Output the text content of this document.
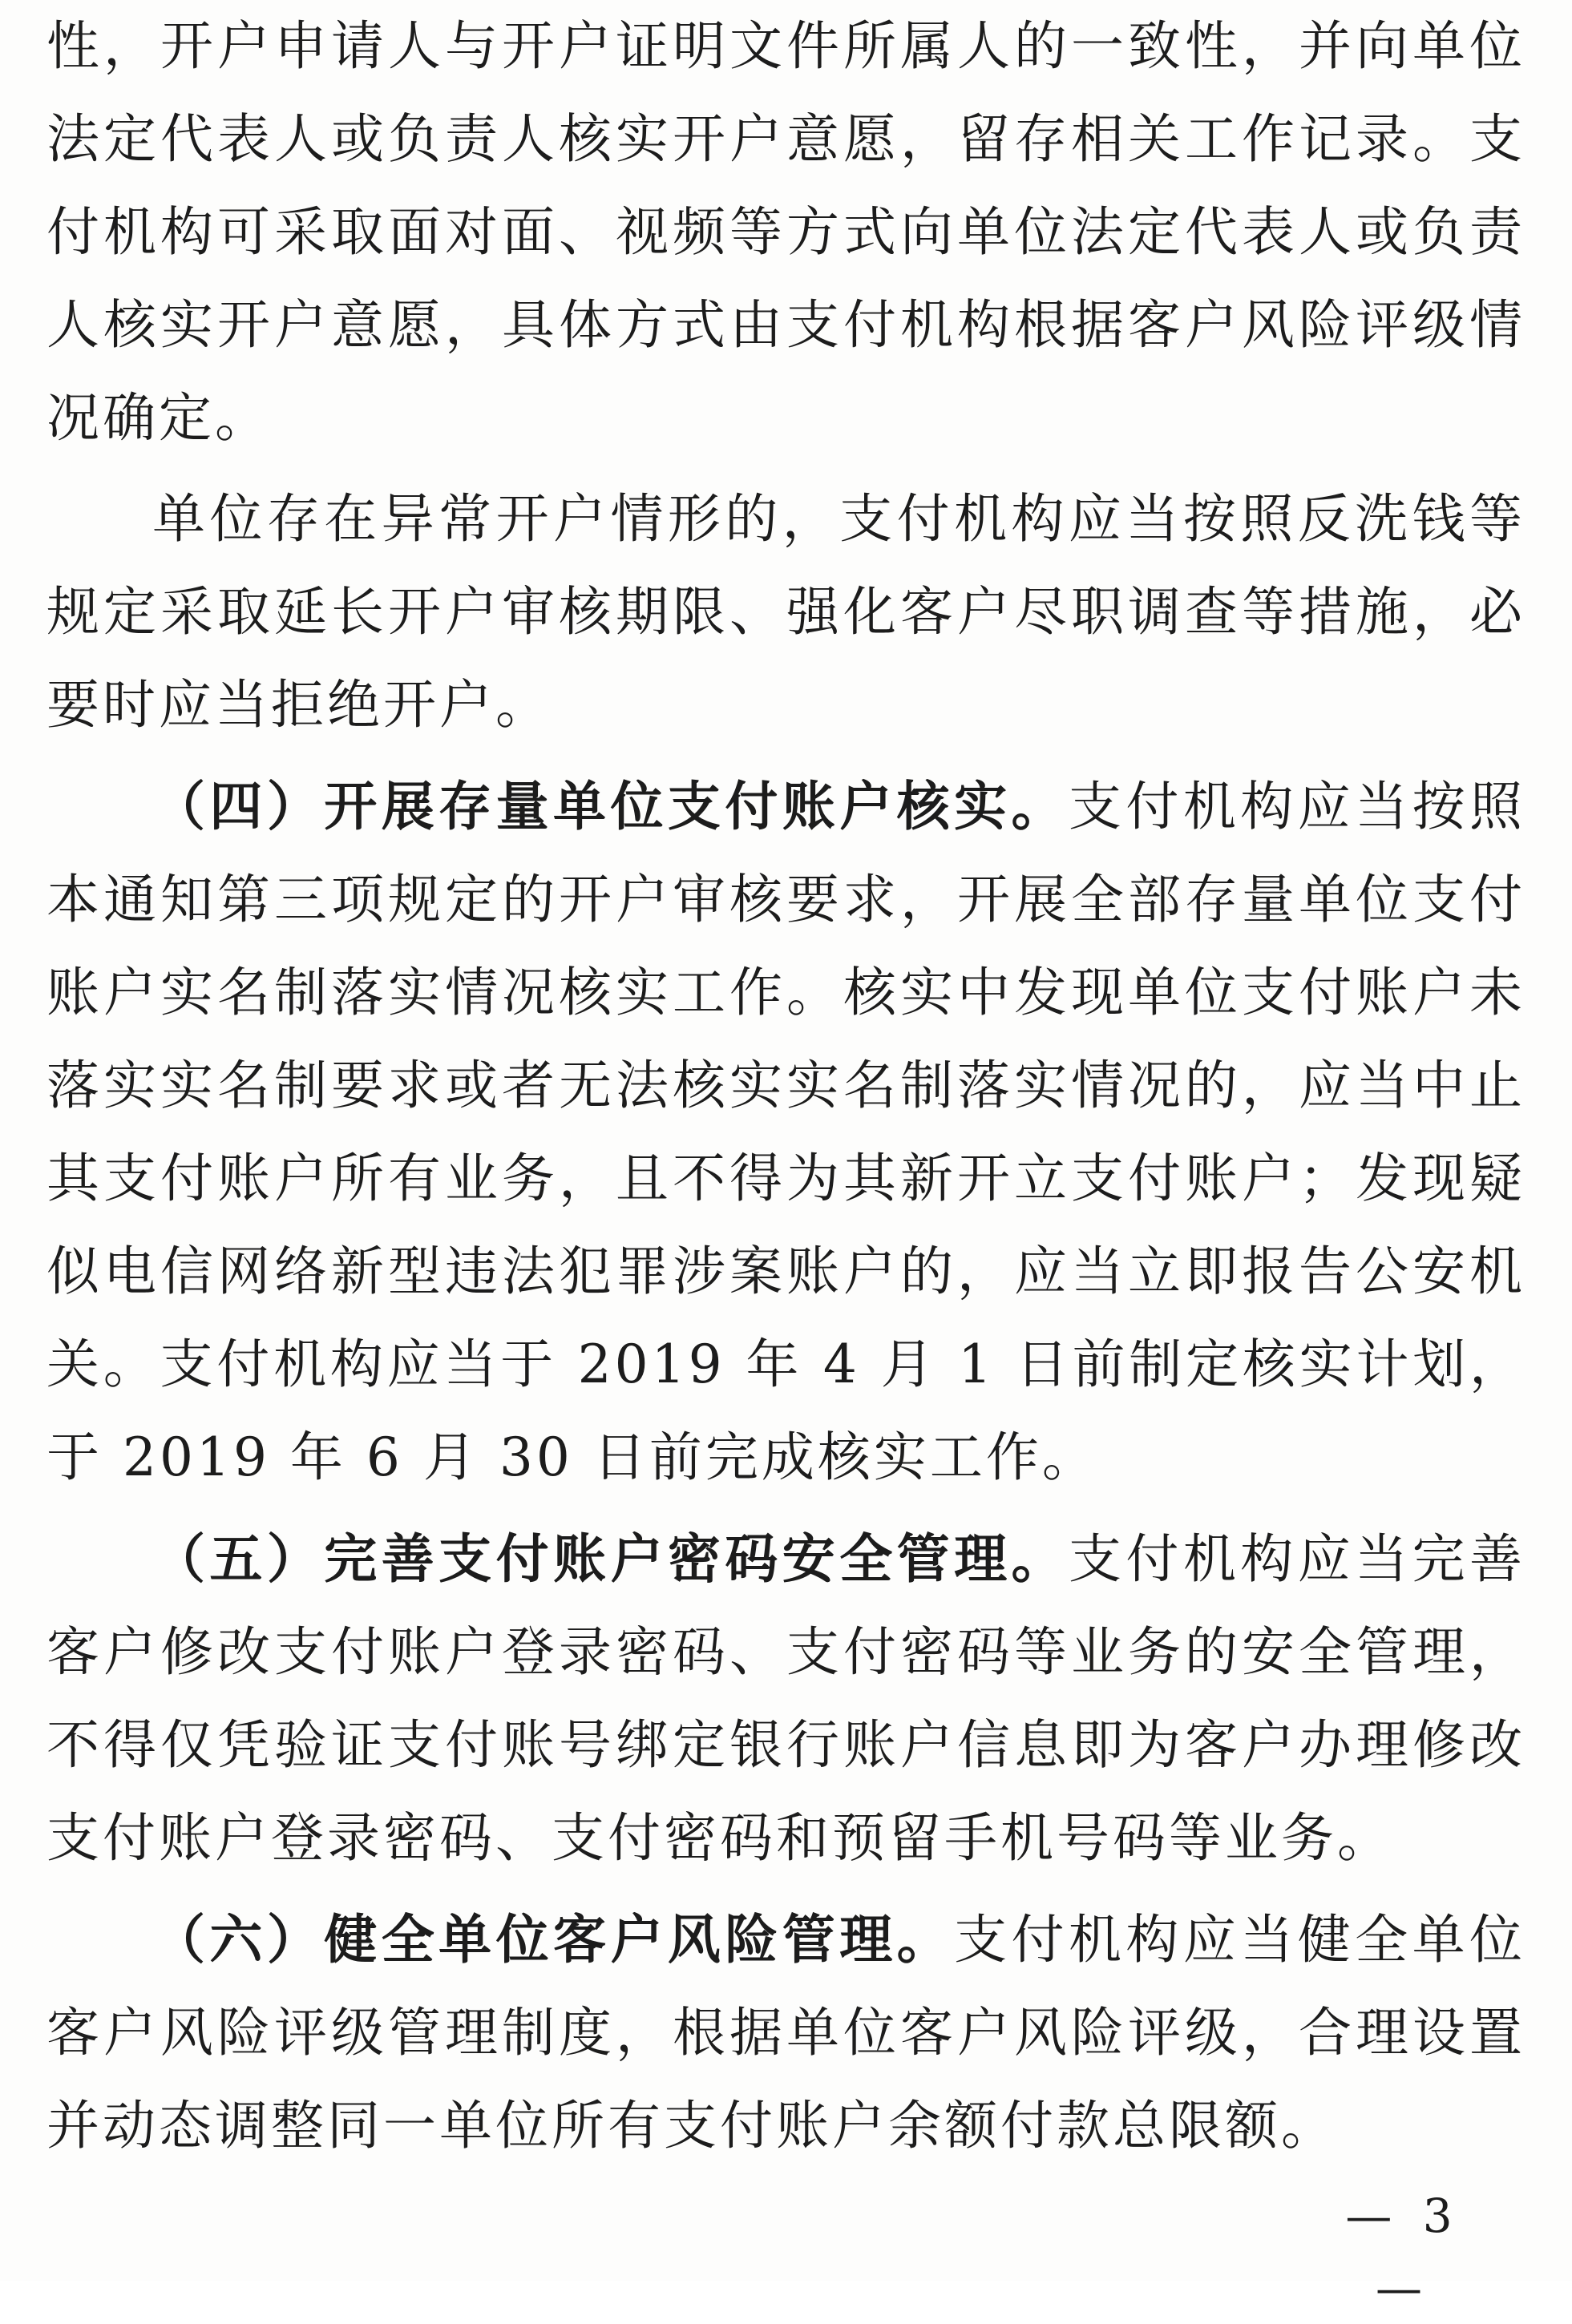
性，开户申请人与开户证明文件所属人的一致性，并向单位法定代表人或负责人核实开户意愿，留存相关工作记录。支付机构可采取面对面、视频等方式向单位法定代表人或负责人核实开户意愿，具体方式由支付机构根据客户风险评级情况确定。

单位存在异常开户情形的，支付机构应当按照反洗钱等规定采取延长开户审核期限、强化客户尽职调查等措施，必要时应当拒绝开户。

（四）开展存量单位支付账户核实。支付机构应当按照本通知第三项规定的开户审核要求，开展全部存量单位支付账户实名制落实情况核实工作。核实中发现单位支付账户未落实实名制要求或者无法核实实名制落实情况的，应当中止其支付账户所有业务，且不得为其新开立支付账户；发现疑似电信网络新型违法犯罪涉案账户的，应当立即报告公安机关。支付机构应当于 2019 年 4 月 1 日前制定核实计划，于 2019 年 6 月 30 日前完成核实工作。

（五）完善支付账户密码安全管理。支付机构应当完善客户修改支付账户登录密码、支付密码等业务的安全管理，不得仅凭验证支付账号绑定银行账户信息即为客户办理修改支付账户登录密码、支付密码和预留手机号码等业务。

（六）健全单位客户风险管理。支付机构应当健全单位客户风险评级管理制度，根据单位客户风险评级，合理设置并动态调整同一单位所有支付账户余额付款总限额。

— 3 —
